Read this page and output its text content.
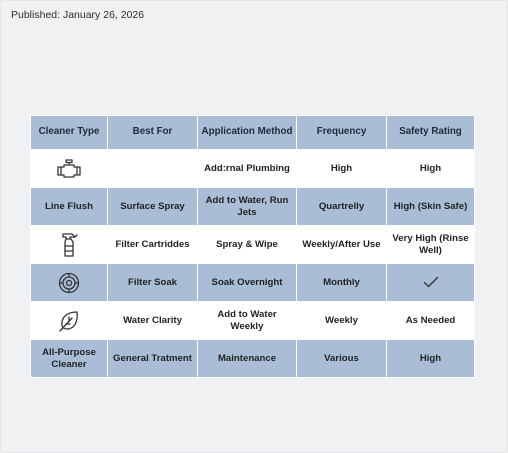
Published: January 26, 2026
Cleaner Type	Best For	Application Method	Frequency	Safety Rating
		Add:rnal Plumbing	High	High
Line Flush	Surface Spray	Add to Water, Run Jets	Quartrelly	High (Skin Safe)
	Filter Cartriddes	Spray & Wipe	Weekly/After Use	Very High (Rinse Well)
	Filter Soak	Soak Overnight	Monthly	
	Water Clarity	Add to Water Weekly	Weekly	As Needed
All-Purpose Cleaner	General Tratment	Maintenance	Various	High
